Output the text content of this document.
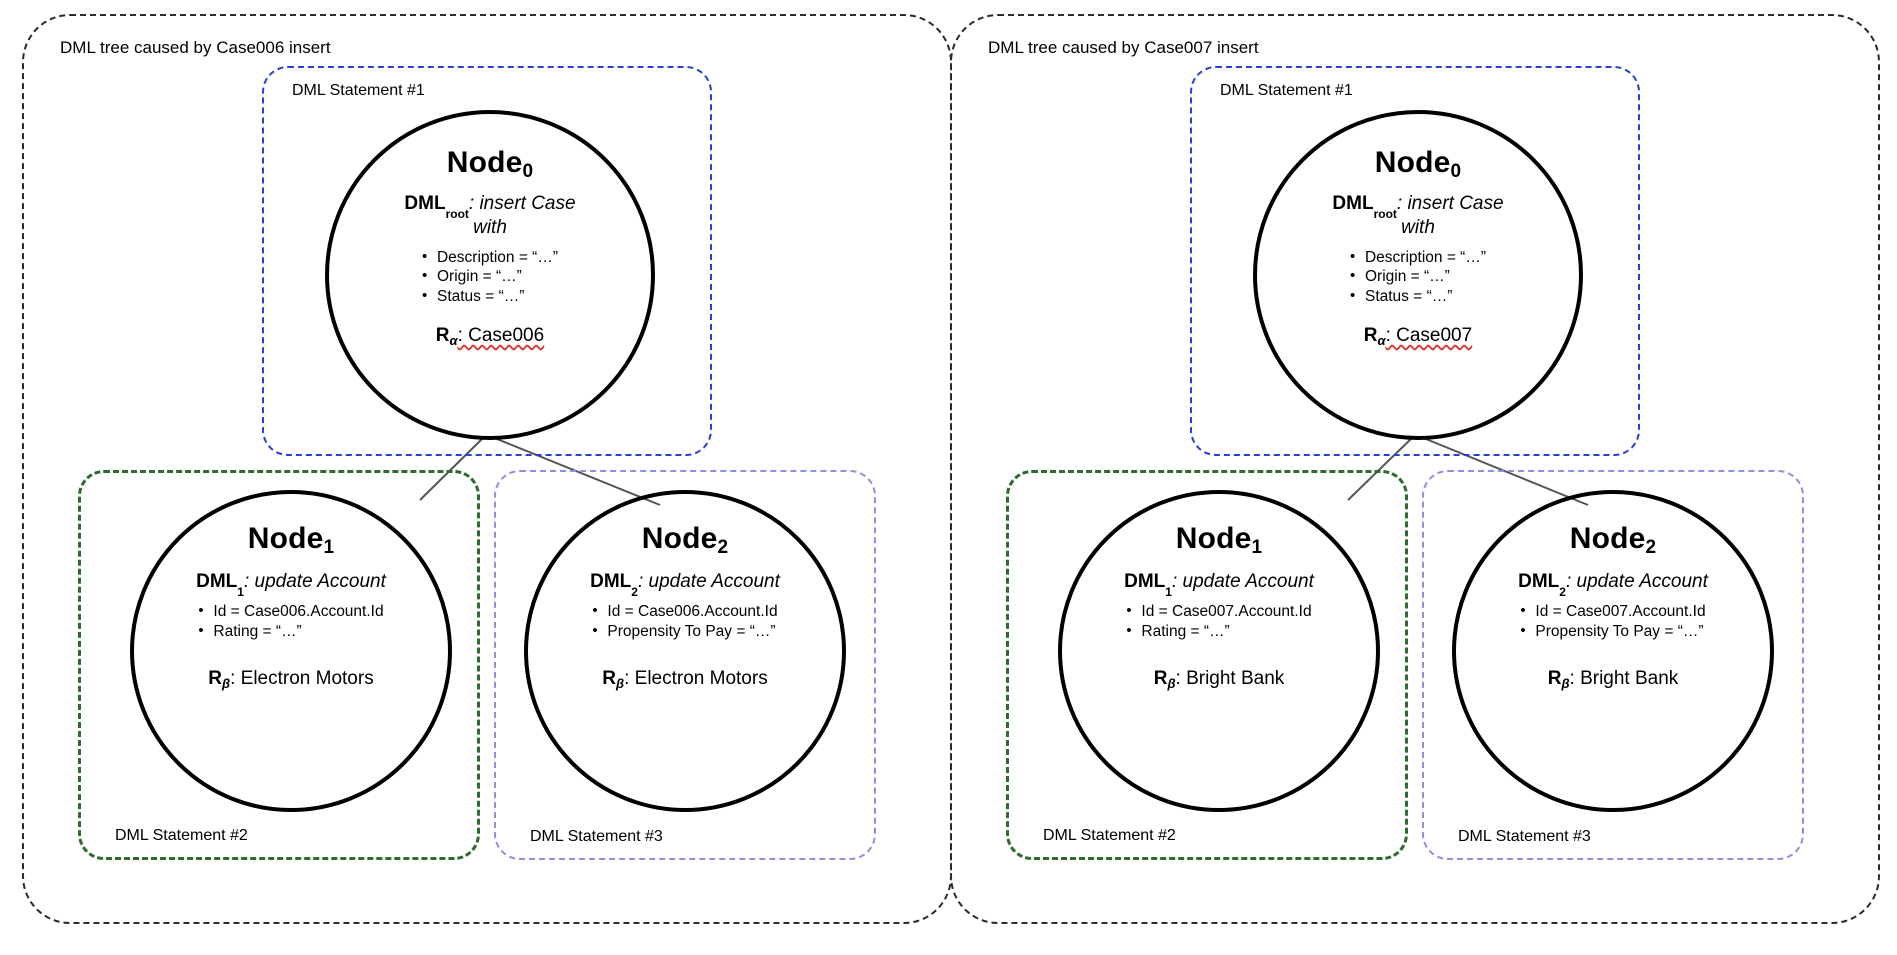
DML tree caused by Case006 insert
DML Statement #1
DML Statement #2	DML Statement #3
Node$_0$
$DML_{root}$: insert Case with
• Description = “…”
• Origin = “…”
• Status = “…”
$R_\alpha$: Case006
Node$_1$
$DML_1$: update Account
• Id = Case006.Account.Id
• Rating = “…”
$R_\beta$: Electron Motors
Node$_2$
$DML_2$: update Account
• Id = Case006.Account.Id
• Propensity To Pay = “…”
$R_\beta$: Electron Motors
DML tree caused by Case007 insert
DML Statement #1
DML Statement #2	DML Statement #3
Node$_0$
$DML_{root}$: insert Case with
• Description = “…”
• Origin = “…”
• Status = “…”
$R_\alpha$: Case007
Node$_1$
$DML_1$: update Account
• Id = Case007.Account.Id
• Rating = “…”
$R_\beta$: Bright Bank
Node$_2$
$DML_2$: update Account
• Id = Case007.Account.Id
• Propensity To Pay = “…”
$R_\beta$: Bright Bank
